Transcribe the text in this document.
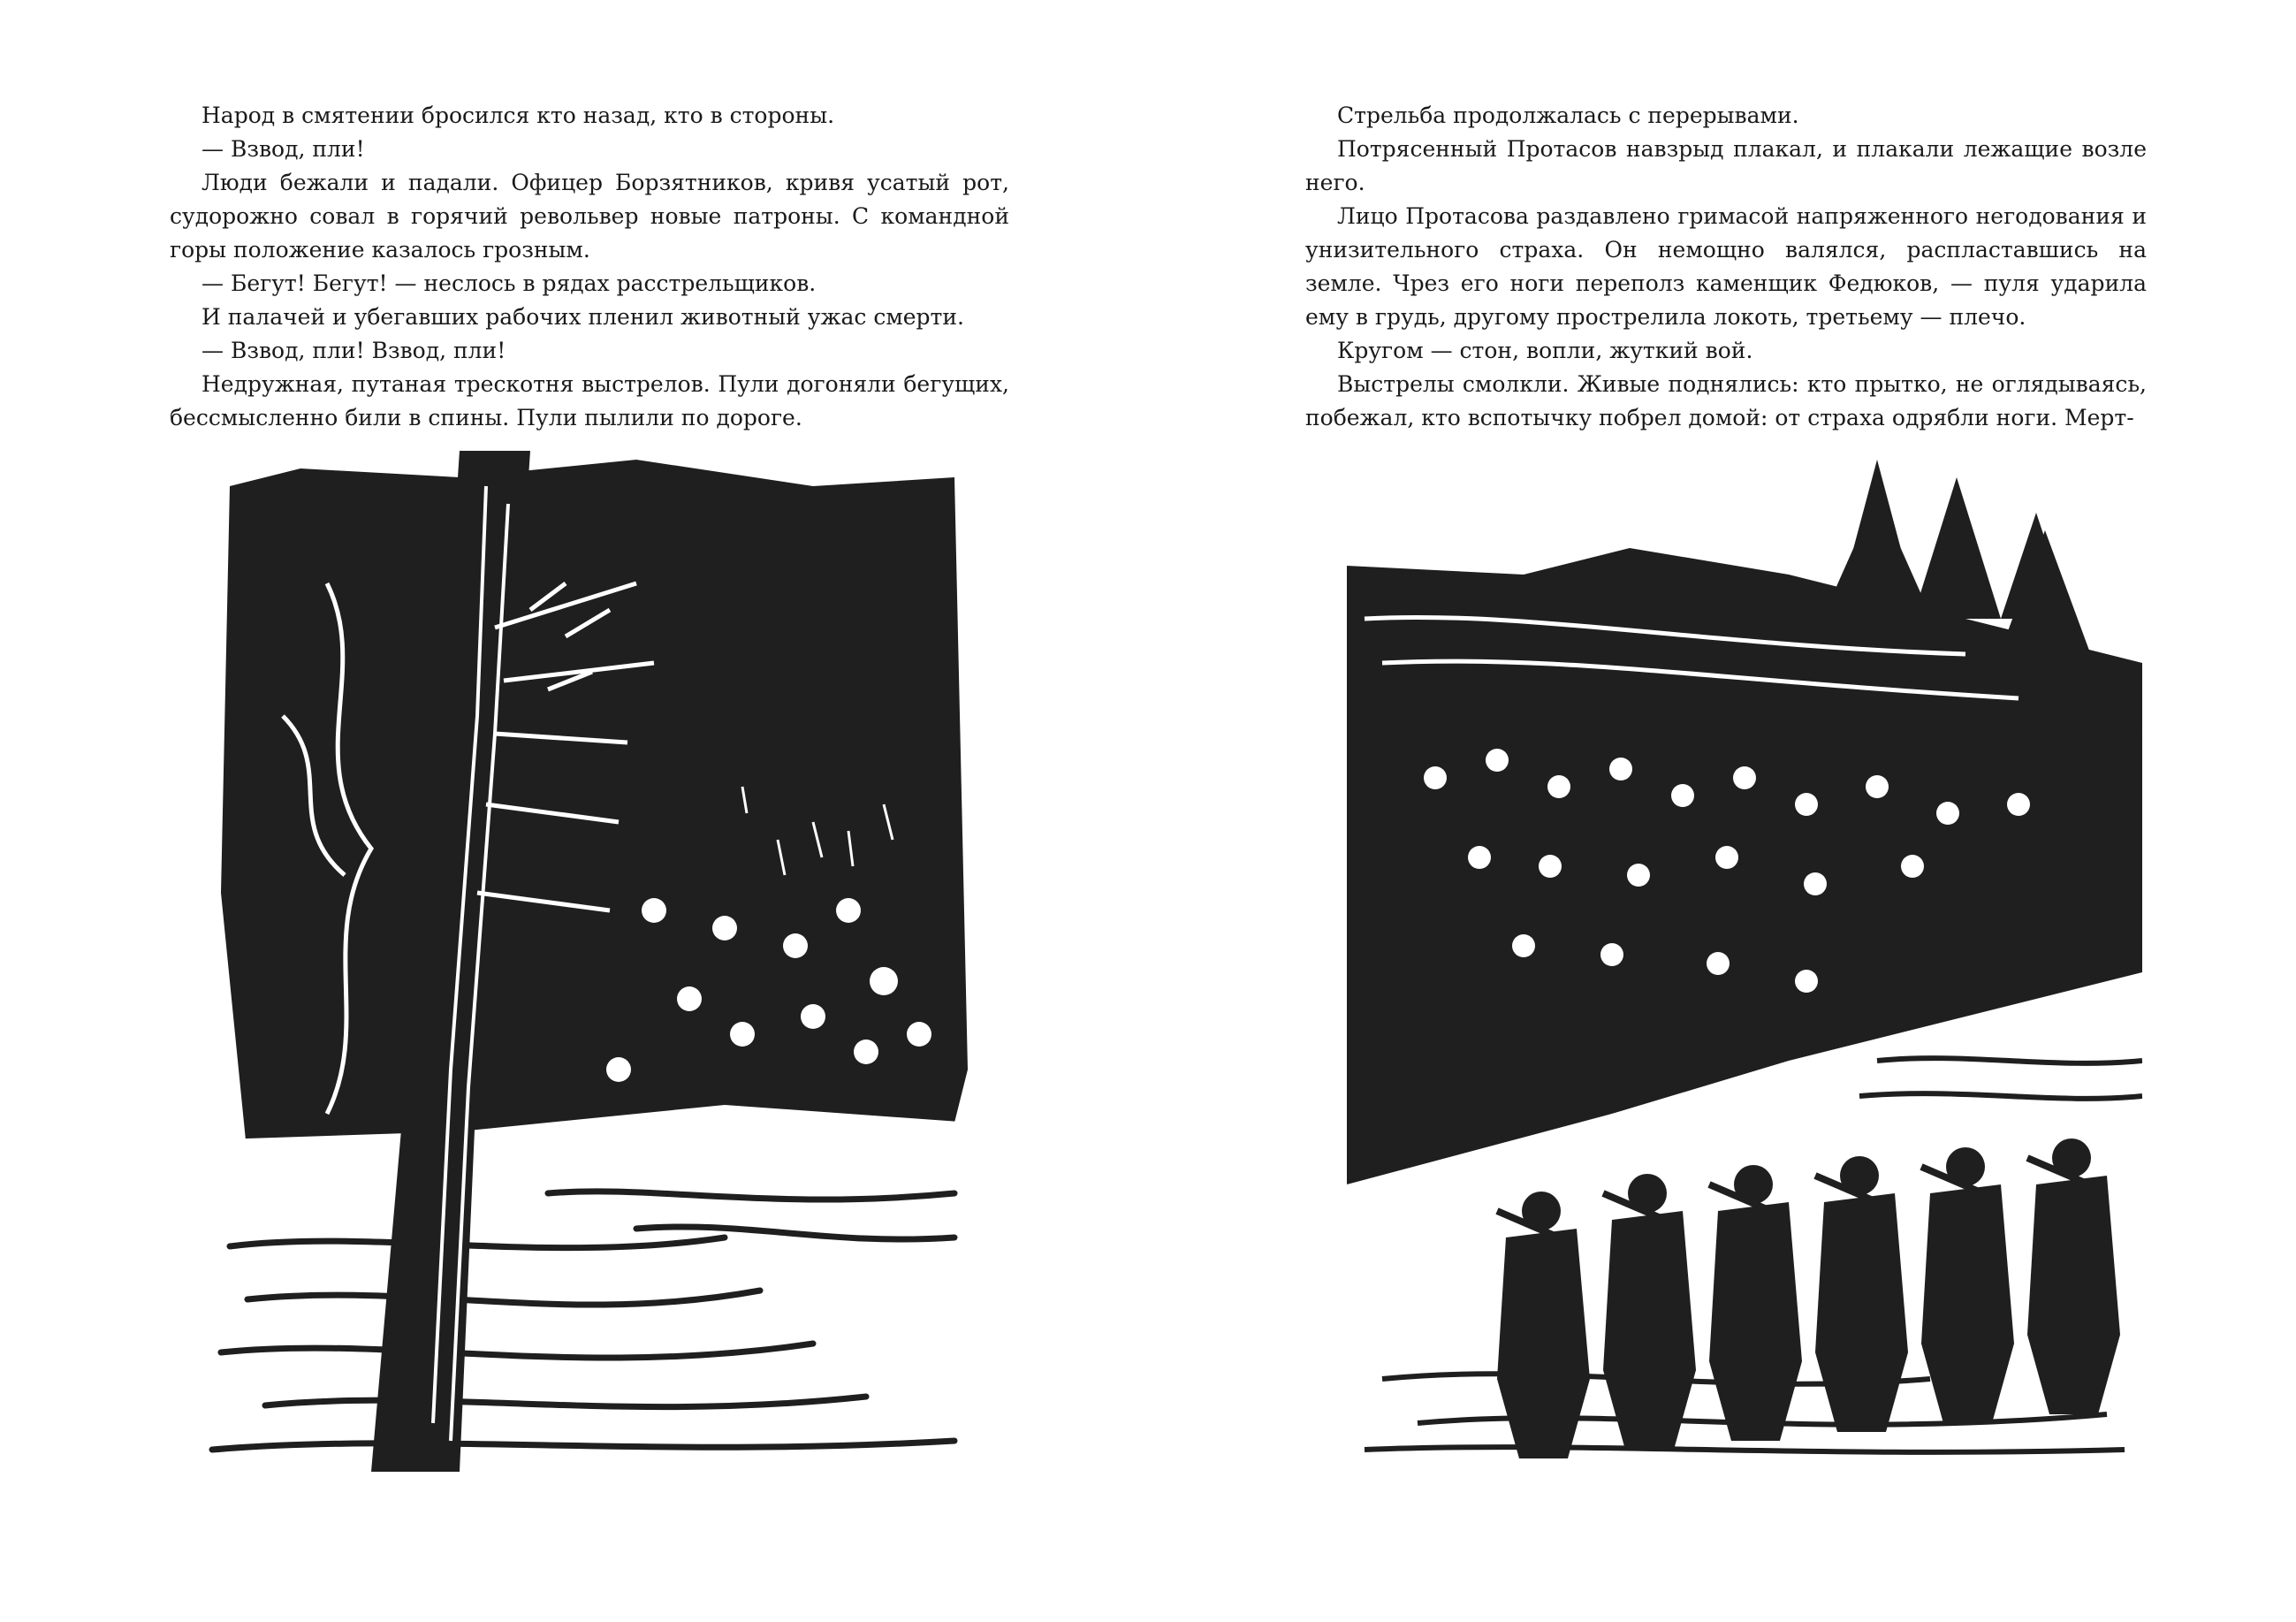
Народ в смятении бросился кто назад, кто в стороны.

— Взвод, пли!

Люди бежали и падали. Офицер Борзятников, кривя усатый рот, судорожно совал в горячий револьвер новые патроны. С командной горы положение казалось грозным.

— Бегут! Бегут! — неслось в рядах расстрельщиков.

И палачей и убегавших рабочих пленил животный ужас смерти.

— Взвод, пли! Взвод, пли!

Недружная, путаная трескотня выстрелов. Пули догоняли бегущих, бессмысленно били в спины. Пули пылили по дороге.

Стрельба продолжалась с перерывами.

Потрясенный Протасов навзрыд плакал, и плакали лежащие возле него.

Лицо Протасова раздавлено гримасой напряженного негодования и унизительного страха. Он немощно валялся, распластавшись на земле. Чрез его ноги переполз каменщик Федюков, — пуля ударила ему в грудь, другому прострелила локоть, третьему — плечо.

Кругом — стон, вопли, жуткий вой.

Выстрелы смолкли. Живые поднялись: кто прытко, не оглядываясь, побежал, кто вспотычку побрел домой: от страха одрябли ноги. Мерт-
